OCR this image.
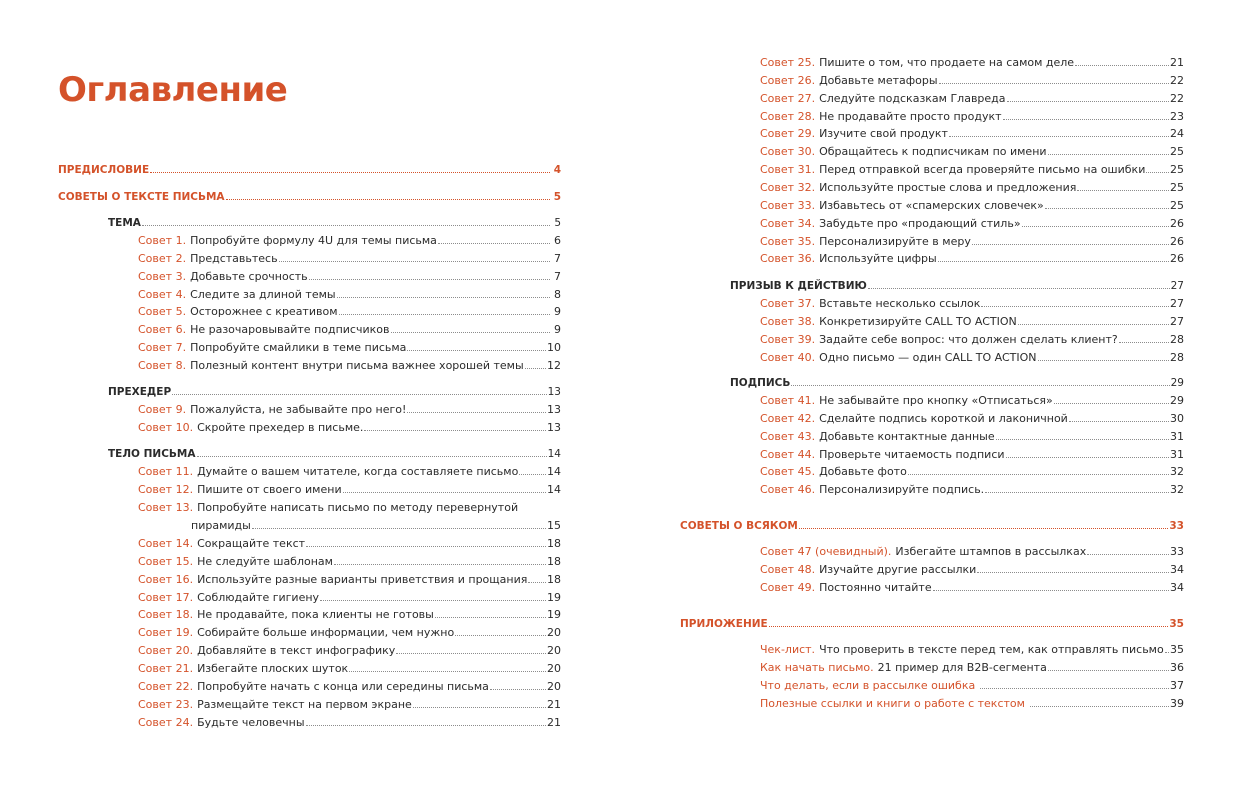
Оглавление
ПРЕДИСЛОВИЕ	4
СОВЕТЫ О ТЕКСТЕ ПИСЬМА	5
ТЕМА	5
Совет 1. Попробуйте формулу 4U для темы письма	6
Совет 2. Представьтесь	7
Совет 3. Добавьте срочность	7
Совет 4. Следите за длиной темы	8
Совет 5. Осторожнее с креативом	9
Совет 6. Не разочаровывайте подписчиков	9
Совет 7. Попробуйте смайлики в теме письма	10
Совет 8. Полезный контент внутри письма важнее хорошей темы 12
ПРЕХЕДЕР	13
Совет 9. Пожалуйста, не забывайте про него!	13
Совет 10. Скройте прехедер в письме.	13
ТЕЛО ПИСЬМА	14
Совет 11. Думайте о вашем читателе, когда составляете письмо	14
Совет 12. Пишите от своего имени	14
Совет 13. Попробуйте написать письмо по методу перевернутой
пирамиды	15
Совет 14. Сокращайте текст	18
Совет 15. Не следуйте шаблонам	18
Совет 16. Используйте разные варианты приветствия и прощания 18
Совет 17. Соблюдайте гигиену	19
Совет 18. Не продавайте, пока клиенты не готовы	19
Совет 19. Собирайте больше информации, чем нужно	20
Совет 20. Добавляйте в текст инфографику	20
Совет 21. Избегайте плоских шуток	20
Совет 22. Попробуйте начать с конца или середины письма	20
Совет 23. Размещайте текст на первом экране	21
Совет 24. Будьте человечны	21
Совет 25. Пишите о том, что продаете на самом деле	21
Совет 26. Добавьте метафоры	22
Совет 27. Следуйте подсказкам Главреда	22
Совет 28. Не продавайте просто продукт	23
Совет 29. Изучите свой продукт	24
Совет 30. Обращайтесь к подписчикам по имени	25
Совет 31. Перед отправкой всегда проверяйте письмо на ошибки 25
Совет 32. Используйте простые слова и предложения	25
Совет 33. Избавьтесь от «спамерских словечек»	25
Совет 34. Забудьте про «продающий стиль»	26
Совет 35. Персонализируйте в меру	26
Совет 36. Используйте цифры	26
ПРИЗЫВ К ДЕЙСТВИЮ	27
Совет 37. Вставьте несколько ссылок	27
Совет 38. Конкретизируйте CALL TO ACTION	27
Совет 39. Задайте себе вопрос: что должен сделать клиент?	28
Совет 40. Одно письмо — один CALL TO ACTION	28
ПОДПИСЬ	29
Совет 41. Не забывайте про кнопку «Отписаться»	29
Совет 42. Сделайте подпись короткой и лаконичной	30
Совет 43. Добавьте контактные данные	31
Совет 44. Проверьте читаемость подписи	31
Совет 45. Добавьте фото	32
Совет 46. Персонализируйте подпись.	32
СОВЕТЫ О ВСЯКОМ	33
Совет 47 (очевидный). Избегайте штампов в рассылках	33
Совет 48. Изучайте другие рассылки	34
Совет 49. Постоянно читайте	34
ПРИЛОЖЕНИЕ	35
Чек-лист. Что проверить в тексте перед тем, как отправлять письмо 35
Как начать письмо. 21 пример для B2B-сегмента	36
Что делать, если в рассылке ошибка	37
Полезные ссылки и книги о работе с текстом	39
